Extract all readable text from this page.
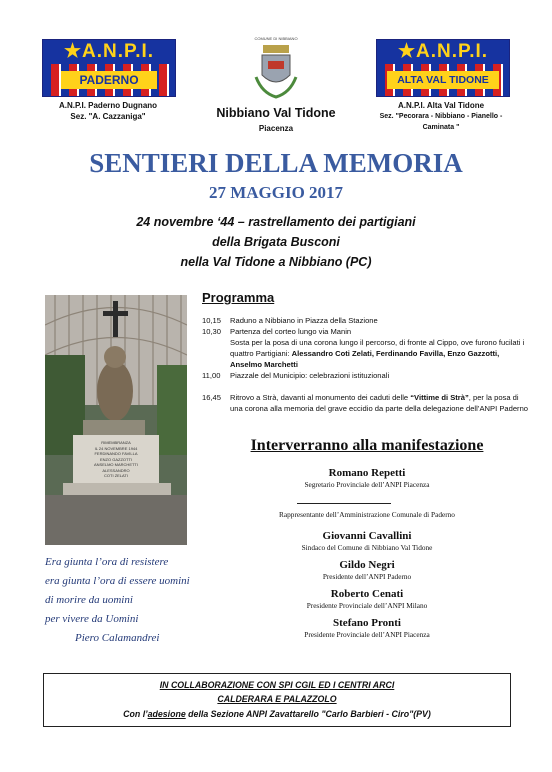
★A.N.P.I.
PADERNO
A.N.P.I. Paderno Dugnano
Sez. "A. Cazzaniga"
COMUNE DI NIBBIANO
Nibbiano Val Tidone
Piacenza
★A.N.P.I.
ALTA VAL TIDONE
A.N.P.I. Alta Val Tidone
Sez. "Pecorara - Nibbiano - Pianello -
Caminata "
SENTIERI DELLA MEMORIA
27 MAGGIO 2017
24 novembre ‘44 – rastrellamento dei partigiani
della Brigata Busconi
nella Val Tidone a Nibbiano (PC)
RIMEMBRANZA
IL 24 NOVEMBRE 1944
FERDINANDO FAVILLA
ENZO GAZZOTTI
ANSELMO MARCHETTI
ALESSANDRO
COTI ZELATI
Programma
10,15	Raduno a Nibbiano in Piazza della Stazione
10,30	Partenza del corteo lungo via Manin
Sosta per la posa di una corona lungo il percorso, di fronte al Cippo, ove furono fucilati i quattro Partigiani: Alessandro Coti Zelati, Ferdinando Favilla, Enzo Gazzotti, Anselmo Marchetti
11,00	Piazzale del Municipio: celebrazioni istituzionali
16,45	Ritrovo a Strà, davanti al monumento dei caduti delle “Vittime di Strà”, per la posa di una corona alla memoria del grave eccidio da parte della delegazione dell’ANPI Paderno
Interverranno alla manifestazione
Romano Repetti
Segretario Provinciale dell’ANPI Piacenza
Rappresentante dell’Amministrazione Comunale di Paderno
Giovanni Cavallini
Sindaco del Comune di Nibbiano Val Tidone
Gildo Negri
Presidente dell’ANPI Paderno
Roberto Cenati
Presidente Provinciale dell’ANPI Milano
Stefano Pronti
Presidente Provinciale dell’ANPI Piacenza
Era giunta l’ora di resistere
era giunta l’ora di essere uomini
di morire da uomini
per vivere da Uomini
Piero Calamandrei
IN COLLABORAZIONE CON SPI CGIL ED I CENTRI ARCI
CALDERARA E PALAZZOLO
Con l’adesione della Sezione ANPI Zavattarello "Carlo Barbieri - Ciro"(PV)
